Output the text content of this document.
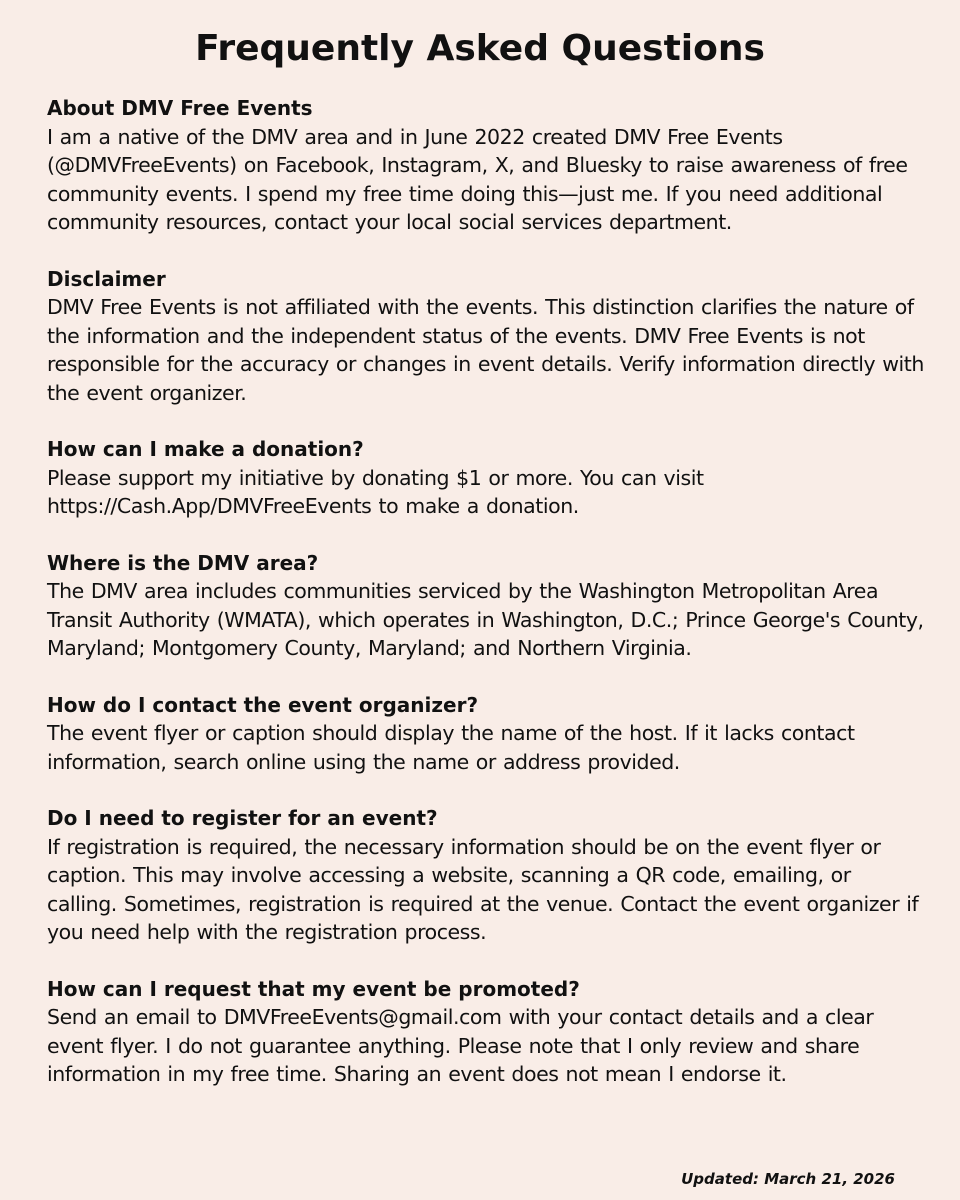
Frequently Asked Questions

About DMV Free Events

I am a native of the DMV area and in June 2022 created DMV Free Events (@DMVFreeEvents) on Facebook, Instagram, X, and Bluesky to raise awareness of free community events. I spend my free time doing this—just me. If you need additional community resources, contact your local social services department.

Disclaimer

DMV Free Events is not affiliated with the events. This distinction clarifies the nature of the information and the independent status of the events. DMV Free Events is not responsible for the accuracy or changes in event details. Verify information directly with the event organizer.

How can I make a donation?

Please support my initiative by donating $1 or more. You can visit https://Cash.App/DMVFreeEvents to make a donation.

Where is the DMV area?

The DMV area includes communities serviced by the Washington Metropolitan Area Transit Authority (WMATA), which operates in Washington, D.C.; Prince George's County, Maryland; Montgomery County, Maryland; and Northern Virginia.

How do I contact the event organizer?

The event flyer or caption should display the name of the host. If it lacks contact information, search online using the name or address provided.

Do I need to register for an event?

If registration is required, the necessary information should be on the event flyer or caption. This may involve accessing a website, scanning a QR code, emailing, or calling. Sometimes, registration is required at the venue. Contact the event organizer if you need help with the registration process.

How can I request that my event be promoted?

Send an email to DMVFreeEvents@gmail.com with your contact details and a clear event flyer. I do not guarantee anything. Please note that I only review and share information in my free time. Sharing an event does not mean I endorse it.

Updated: March 21, 2026
